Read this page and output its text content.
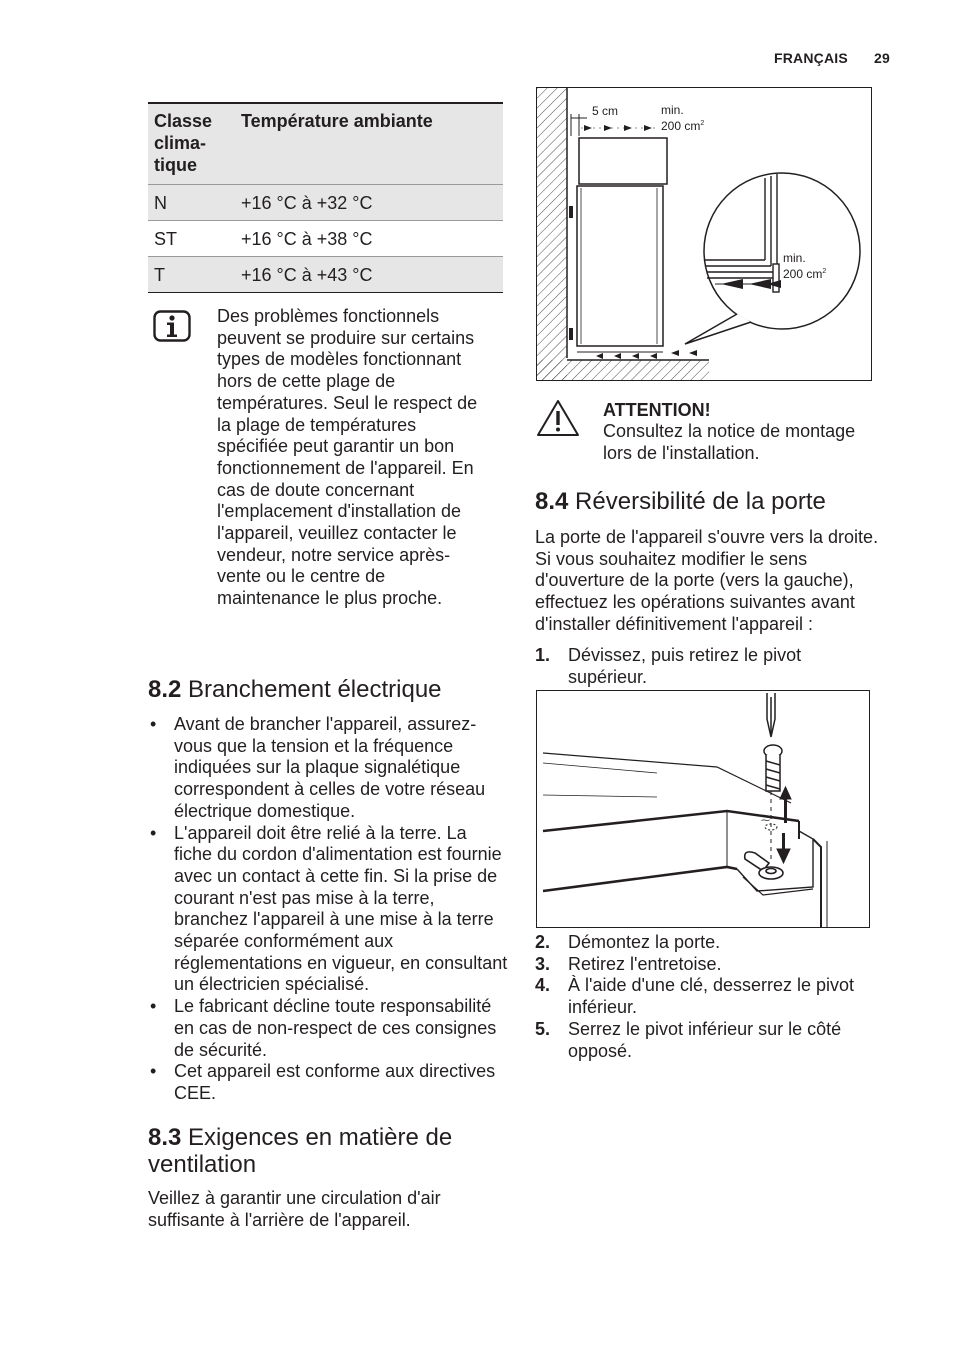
FRANÇAIS 29
Classe
clima-
tique	Température ambiante
N	+16 °C à +32 °C
ST	+16 °C à +38 °C
T	+16 °C à +43 °C
Des problèmes fonctionnels peuvent se produire sur certains types de modèles fonctionnant hors de cette plage de températures. Seul le respect de la plage de températures spécifiée peut garantir un bon fonctionnement de l'appareil. En cas de doute concernant l'emplacement d'installation de l'appareil, veuillez contacter le vendeur, notre service après-vente ou le centre de maintenance le plus proche.
8.2 Branchement électrique
• Avant de brancher l'appareil, assurez-vous que la tension et la fréquence indiquées sur la plaque signalétique correspondent à celles de votre réseau électrique domestique.
• L'appareil doit être relié à la terre. La fiche du cordon d'alimentation est fournie avec un contact à cette fin. Si la prise de courant n'est pas mise à la terre, branchez l'appareil à une mise à la terre séparée conformément aux réglementations en vigueur, en consultant un électricien spécialisé.
• Le fabricant décline toute responsabilité en cas de non-respect de ces consignes de sécurité.
• Cet appareil est conforme aux directives CEE.
8.3 Exigences en matière de ventilation

Veillez à garantir une circulation d'air suffisante à l'arrière de l'appareil.

5 cm	min.
200 $cm^2$
min.
200 $cm^2$
ATTENTION!
Consultez la notice de montage lors de l'installation.
8.4 Réversibilité de la porte

La porte de l'appareil s'ouvre vers la droite. Si vous souhaitez modifier le sens d'ouverture de la porte (vers la gauche), effectuez les opérations suivantes avant d'installer définitivement l'appareil :

1. Dévissez, puis retirez le pivot supérieur.
⁓
2. Démontez la porte.
3. Retirez l'entretoise.
4. À l'aide d'une clé, desserrez le pivot inférieur.
5. Serrez le pivot inférieur sur le côté opposé.
